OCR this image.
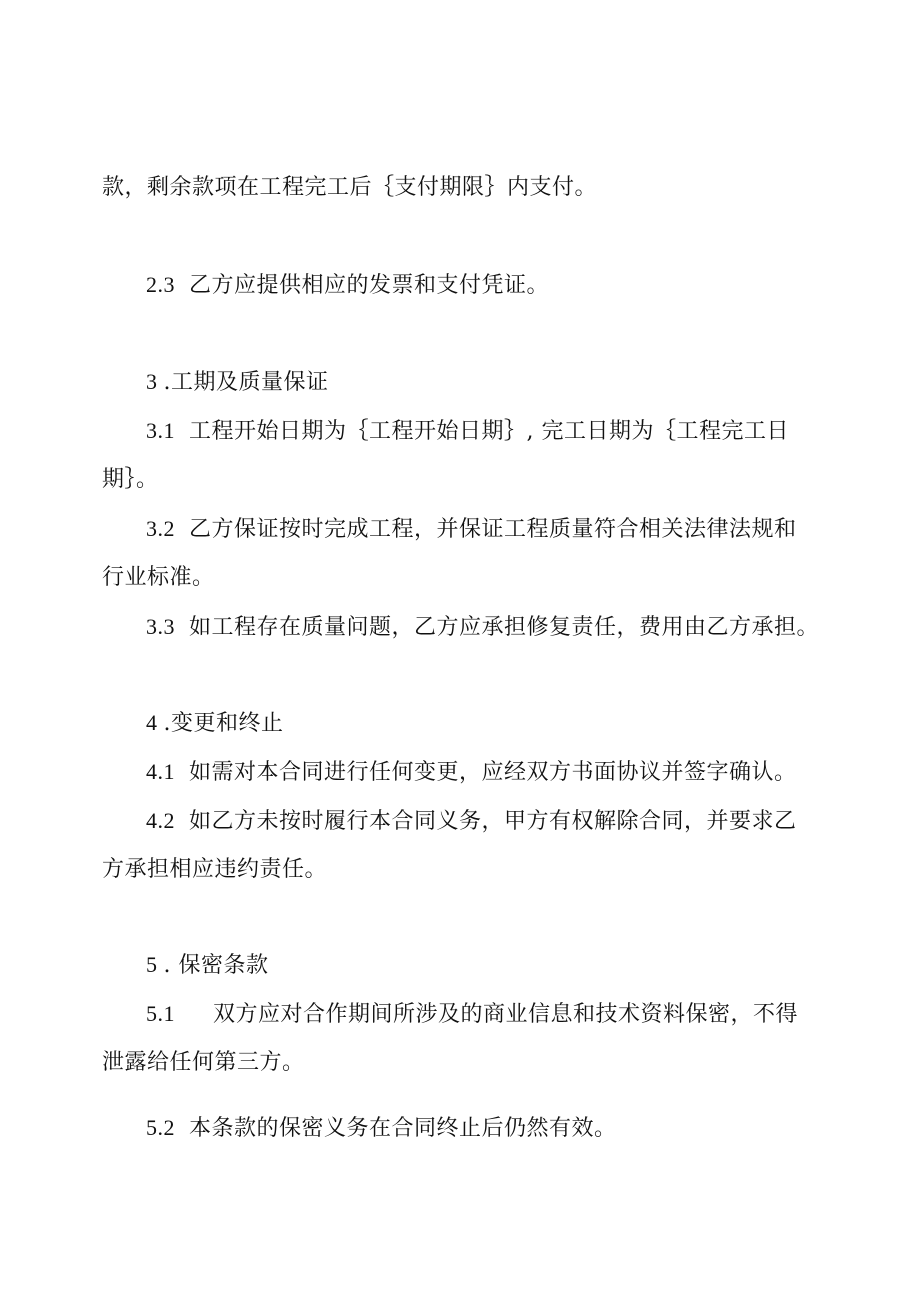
款，剩余款项在工程完工后｛支付期限｝内支付。
2.3 乙方应提供相应的发票和支付凭证。
3 .工期及质量保证
3.1 工程开始日期为｛工程开始日期｝, 完工日期为｛工程完工日
期｝。
3.2 乙方保证按时完成工程，并保证工程质量符合相关法律法规和
行业标准。
3.3 如工程存在质量问题，乙方应承担修复责任，费用由乙方承担。
4 .变更和终止
4.1 如需对本合同进行任何变更，应经双方书面协议并签字确认。
4.2 如乙方未按时履行本合同义务，甲方有权解除合同，并要求乙
方承担相应违约责任。
5 . 保密条款
5.1 双方应对合作期间所涉及的商业信息和技术资料保密，不得
泄露给任何第三方。
5.2 本条款的保密义务在合同终止后仍然有效。
